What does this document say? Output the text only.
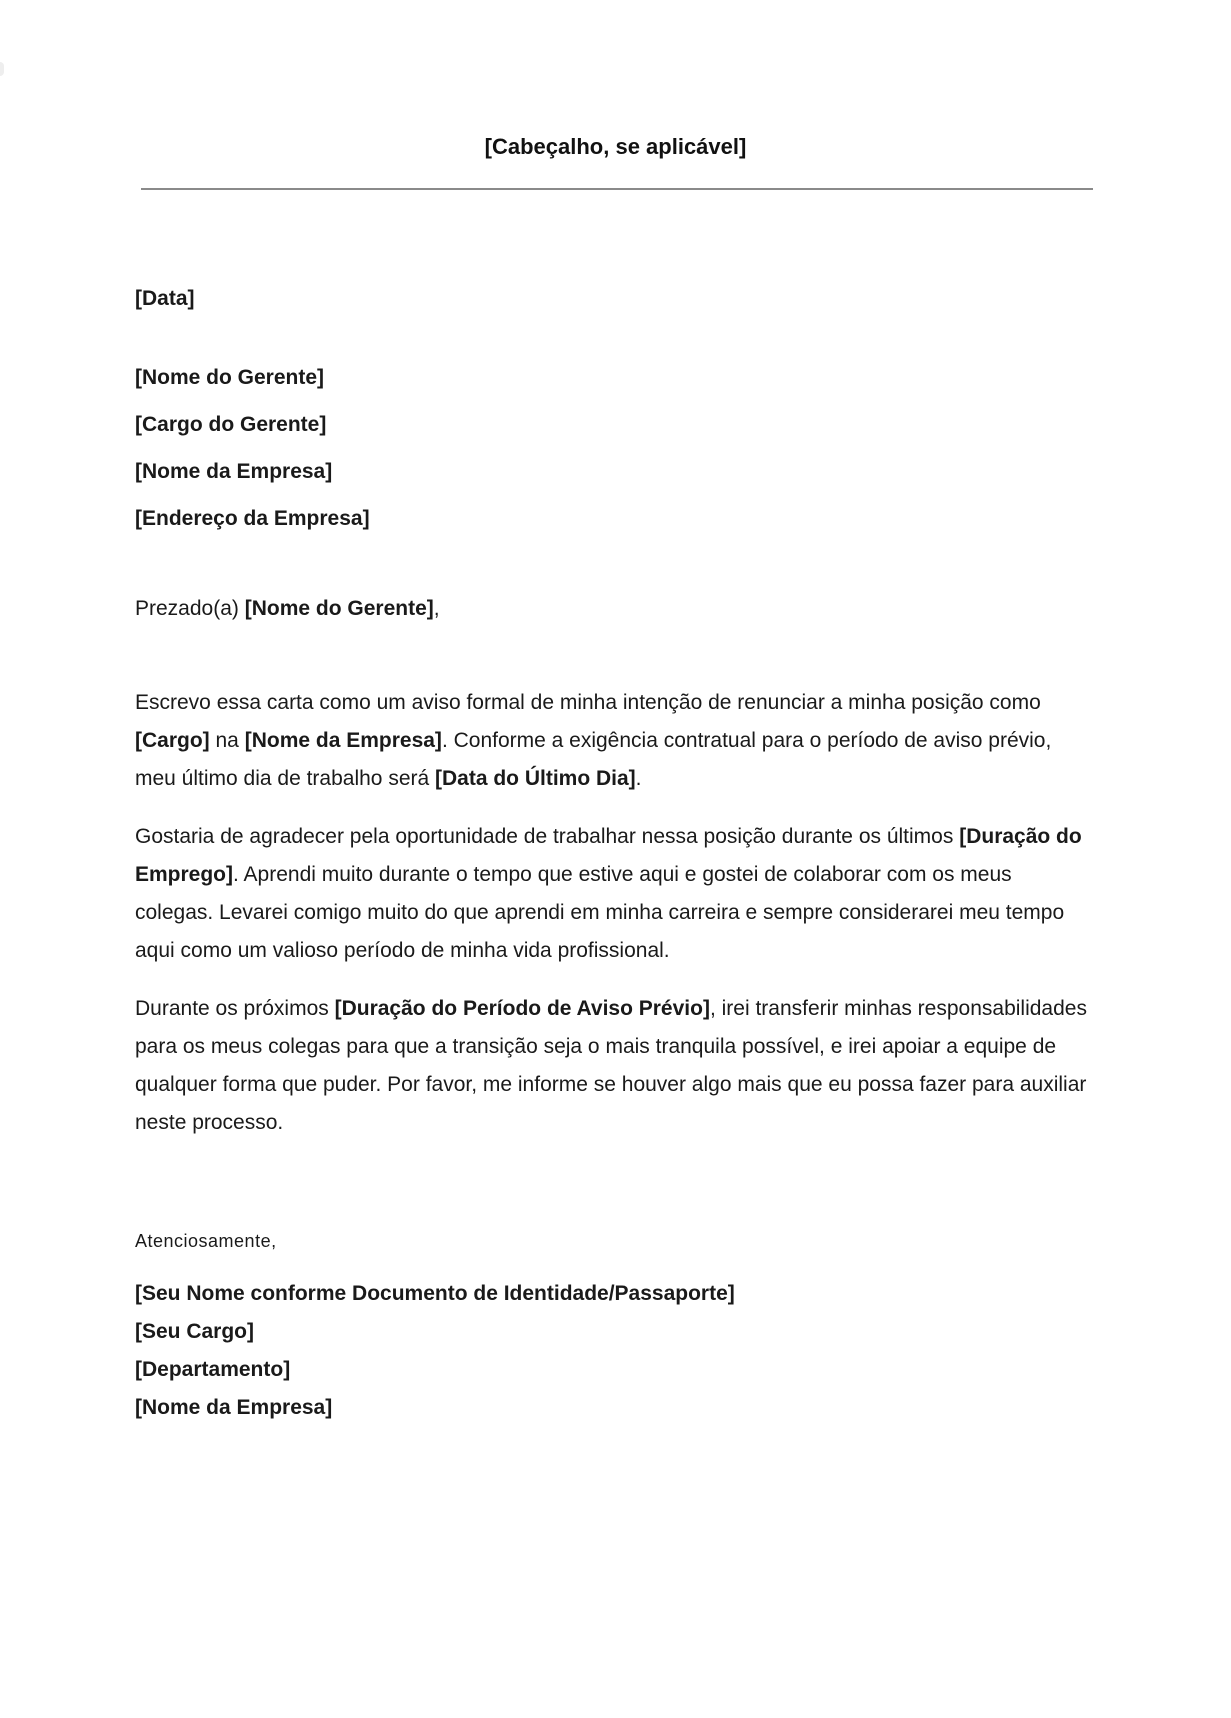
[Cabeçalho, se aplicável]
[Data]
[Nome do Gerente]
[Cargo do Gerente]
[Nome da Empresa]
[Endereço da Empresa]
Prezado(a) [Nome do Gerente],

Escrevo essa carta como um aviso formal de minha intenção de renunciar a minha posição como [Cargo] na [Nome da Empresa]. Conforme a exigência contratual para o período de aviso prévio, meu último dia de trabalho será [Data do Último Dia].

Gostaria de agradecer pela oportunidade de trabalhar nessa posição durante os últimos [Duração do Emprego]. Aprendi muito durante o tempo que estive aqui e gostei de colaborar com os meus colegas. Levarei comigo muito do que aprendi em minha carreira e sempre considerarei meu tempo aqui como um valioso período de minha vida profissional.

Durante os próximos [Duração do Período de Aviso Prévio], irei transferir minhas responsabilidades para os meus colegas para que a transição seja o mais tranquila possível, e irei apoiar a equipe de qualquer forma que puder. Por favor, me informe se houver algo mais que eu possa fazer para auxiliar neste processo.

Atenciosamente,
[Seu Nome conforme Documento de Identidade/Passaporte]
[Seu Cargo]
[Departamento]
[Nome da Empresa]
